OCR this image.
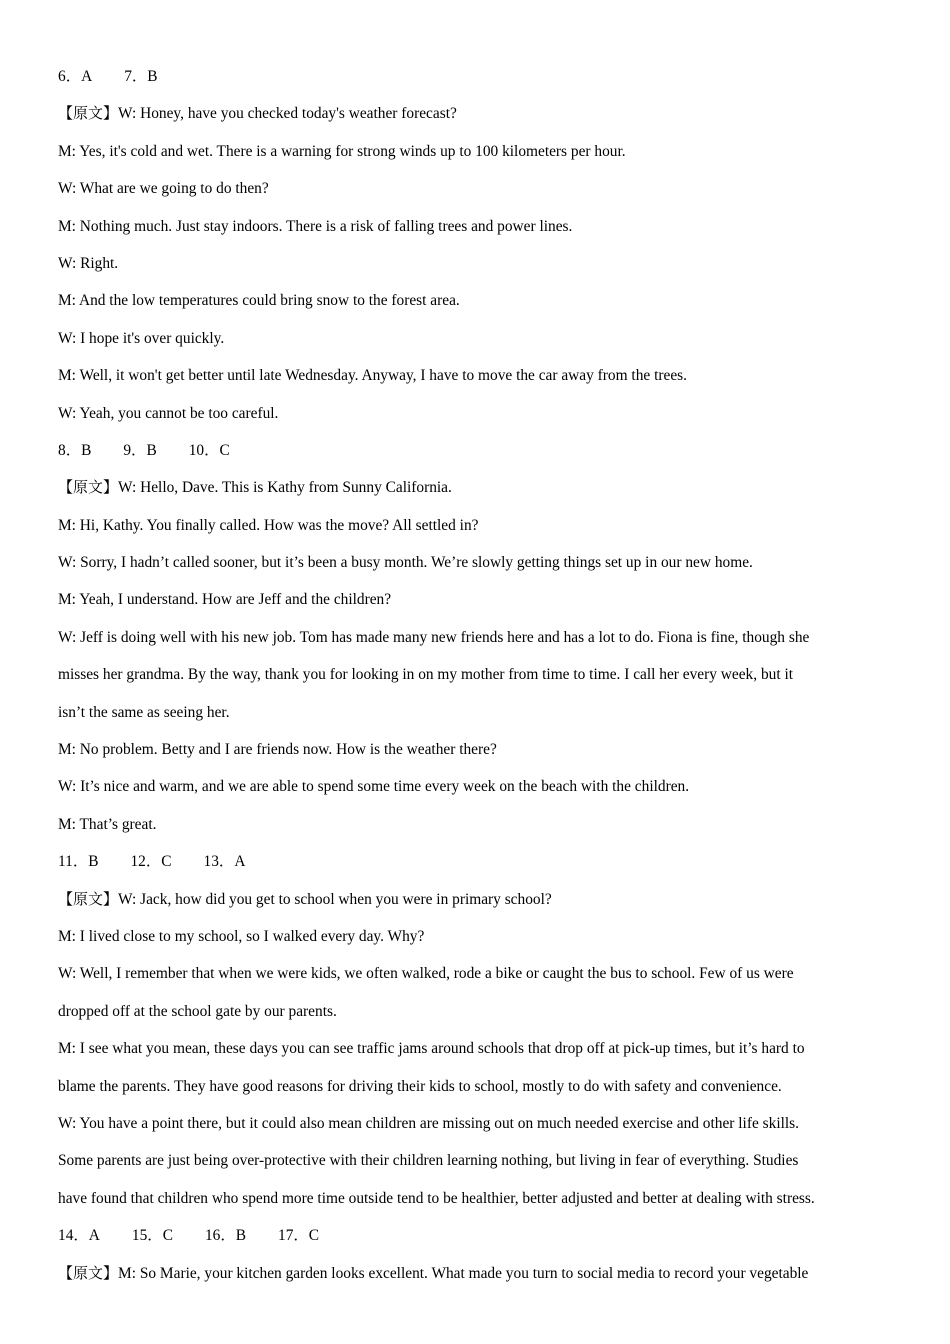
6．A 7．B
【原文】W: Honey, have you checked today's weather forecast?
M: Yes, it's cold and wet. There is a warning for strong winds up to 100 kilometers per hour.
W: What are we going to do then?
M: Nothing much. Just stay indoors. There is a risk of falling trees and power lines.
W: Right.
M: And the low temperatures could bring snow to the forest area.
W: I hope it's over quickly.
M: Well, it won't get better until late Wednesday. Anyway, I have to move the car away from the trees.
W: Yeah, you cannot be too careful.
8．B 9．B 10．C
【原文】W: Hello, Dave. This is Kathy from Sunny California.
M: Hi, Kathy. You finally called. How was the move? All settled in?
W: Sorry, I hadn’t called sooner, but it’s been a busy month. We’re slowly getting things set up in our new home.
M: Yeah, I understand. How are Jeff and the children?
W: Jeff is doing well with his new job. Tom has made many new friends here and has a lot to do. Fiona is fine, though she
misses her grandma. By the way, thank you for looking in on my mother from time to time. I call her every week, but it
isn’t the same as seeing her.
M: No problem. Betty and I are friends now. How is the weather there?
W: It’s nice and warm, and we are able to spend some time every week on the beach with the children.
M: That’s great.
11．B 12．C 13．A
【原文】W: Jack, how did you get to school when you were in primary school?
M: I lived close to my school, so I walked every day. Why?
W: Well, I remember that when we were kids, we often walked, rode a bike or caught the bus to school. Few of us were
dropped off at the school gate by our parents.
M: I see what you mean, these days you can see traffic jams around schools that drop off at pick-up times, but it’s hard to
blame the parents. They have good reasons for driving their kids to school, mostly to do with safety and convenience.
W: You have a point there, but it could also mean children are missing out on much needed exercise and other life skills.
Some parents are just being over-protective with their children learning nothing, but living in fear of everything. Studies
have found that children who spend more time outside tend to be healthier, better adjusted and better at dealing with stress.
14．A 15．C 16．B 17．C
【原文】M: So Marie, your kitchen garden looks excellent. What made you turn to social media to record your vegetable
